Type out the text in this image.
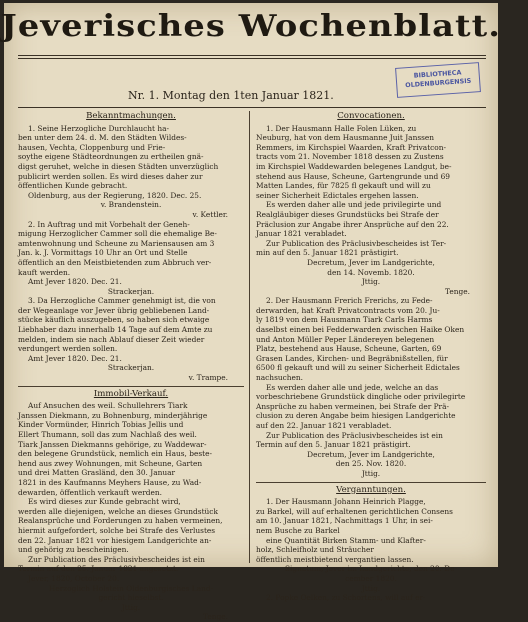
Jeverisches Wochenblatt.
Nr. 1. Montag den 1ten Januar 1821.
BIBLIOTHECA
OLDENBURGENSIS
Bekanntmachungen.
1. Seine Herzogliche Durchlaucht ha-
ben unter dem 24. d. M. den Städten Wildes-
hausen, Vechta, Cloppenburg und Frie-
soythe eigene Städteordnungen zu ertheilen gnä-
digst geruhet, welche in diesen Städten unverzüglich
publicirt werden sollen. Es wird dieses daher zur
öffentlichen Kunde gebracht.
Oldenburg, aus der Regierung, 1820. Dec. 25.
v. Brandenstein.
v. Kettler.
2. In Auftrag und mit Vorbehalt der Geneh-
migung Herzoglicher Cammer soll die ehemalige Be-
amtenwohnung und Scheune zu Mariensausen am 3
Jan. k. J. Vormittags 10 Uhr an Ort und Stelle
öffentlich an den Meistbietenden zum Abbruch ver-
kauft werden.
Amt Jever 1820. Dec. 21.
Strackerjan.
3. Da Herzogliche Cammer genehmigt ist, die von
der Wegeanlage vor Jever übrig gebliebenen Land-
stücke käuflich auszugeben, so haben sich etwaige
Liebhaber dazu innerhalb 14 Tage auf dem Amte zu
melden, indem sie nach Ablauf dieser Zeit wieder
verdungert werden sollen.
Amt Jever 1820. Dec. 21.
Strackerjan.
v. Trampe.
Immobil-Verkauf.
Auf Ansuchen des weil. Schullehrers Tiark
Janssen Diekmann, zu Bohnenburg, minderjährige
Kinder Vormünder, Hinrich Tobias Jellis und
Ellert Thumann, soll das zum Nachlaß des weil.
Tiark Janssen Diekmanns gehörige, zu Waddewar-
den belegene Grundstück, nemlich ein Haus, beste-
hend aus zwey Wohnungen, mit Scheune, Garten
und drei Matten Grasländ, den 30. Januar
1821 in des Kaufmanns Meyhers Hause, zu Wad-
dewarden, öffentlich verkauft werden.
Es wird dieses zur Kunde gebracht wird,
werden alle diejenigen, welche an dieses Grundstück
Realansprüche und Forderungen zu haben vermeinen,
hiermit aufgefordert, solche bei Strafe des Verlustes
den 22. Januar 1821 vor hiesigem Landgerichte an-
und gehörig zu bescheinigen.
Zur Publication des Präclusivbescheides ist ein
Termin auf den 25. Januar 1821 angesetzt.
Jever, 1820, October 20.
Herzoglich Holstein Oldenburgisches Land-
gericht hieselbst.
Jttig.
Tenge.
Convocationen.
1. Der Hausmann Halle Folen Lüken, zu
Neuburg, hat von dem Hausmanne Juit Janssen
Remmers, im Kirchspiel Waarden, Kraft Privatcon-
tracts vom 21. November 1818 dessen zu Zustens
im Kirchspiel Waddewarden belegenes Landgut, be-
stehend aus Hause, Scheune, Gartengrunde und 69
Matten Landes, für 7825 fl gekauft und will zu
seiner Sicherheit Edictales ergehen lassen.
Es werden daher alle und jede privilegirte und
Realgläubiger dieses Grundstücks bei Strafe der
Präclusion zur Angabe ihrer Ansprüche auf den 22.
Januar 1821 verabladet.
Zur Publication des Präclusivbescheides ist Ter-
min auf den 5. Januar 1821 prästigirt.
Decretum, Jever im Landgerichte,
den 14. Novemb. 1820.
Jttig.
Tenge.
2. Der Hausmann Frerich Frerichs, zu Fede-
derwarden, hat Kraft Privatcontracts vom 20. Ju-
ly 1819 von dem Hausmann Tiark Carls Harms
daselbst einen bei Fedderwarden zwischen Haike Oken
und Anton Müller Peper Ländereyen belegenen
Platz, bestehend aus Hause, Scheune, Garten, 69
Grasen Landes, Kirchen- und Begräbnißstellen, für
6500 fl gekauft und will zu seiner Sicherheit Edictales
nachsuchen.
Es werden daher alle und jede, welche an das
vorbeschriebene Grundstück dingliche oder privilegirte
Ansprüche zu haben vermeinen, bei Strafe der Prä-
clusion zu deren Angabe beim hiesigen Landgerichte
auf den 22. Januar 1821 verabladet.
Zur Publication des Präclusivbescheides ist ein
Termin auf den 5. Januar 1821 prästigirt.
Decretum, Jever im Landgerichte,
den 25. Nov. 1820.
Jttig.
Verganntungen.
1. Der Hausmann Johann Heinrich Plagge,
zu Barkel, will auf erhaltenen gerichtlichen Consens
am 10. Januar 1821, Nachmittags 1 Uhr, in sei-
nem Busche zu Barkel
eine Quantität Birken Stamm- und Klafter-
holz, Schleifholz und Sträucher
öffentlich meistbietend vergantien lassen.
Signatum, Jever im Landgerichte, den 20. De-
cember 1820.
Jttig.
2. Popke Oelken, zu Schortens, will auf er-
